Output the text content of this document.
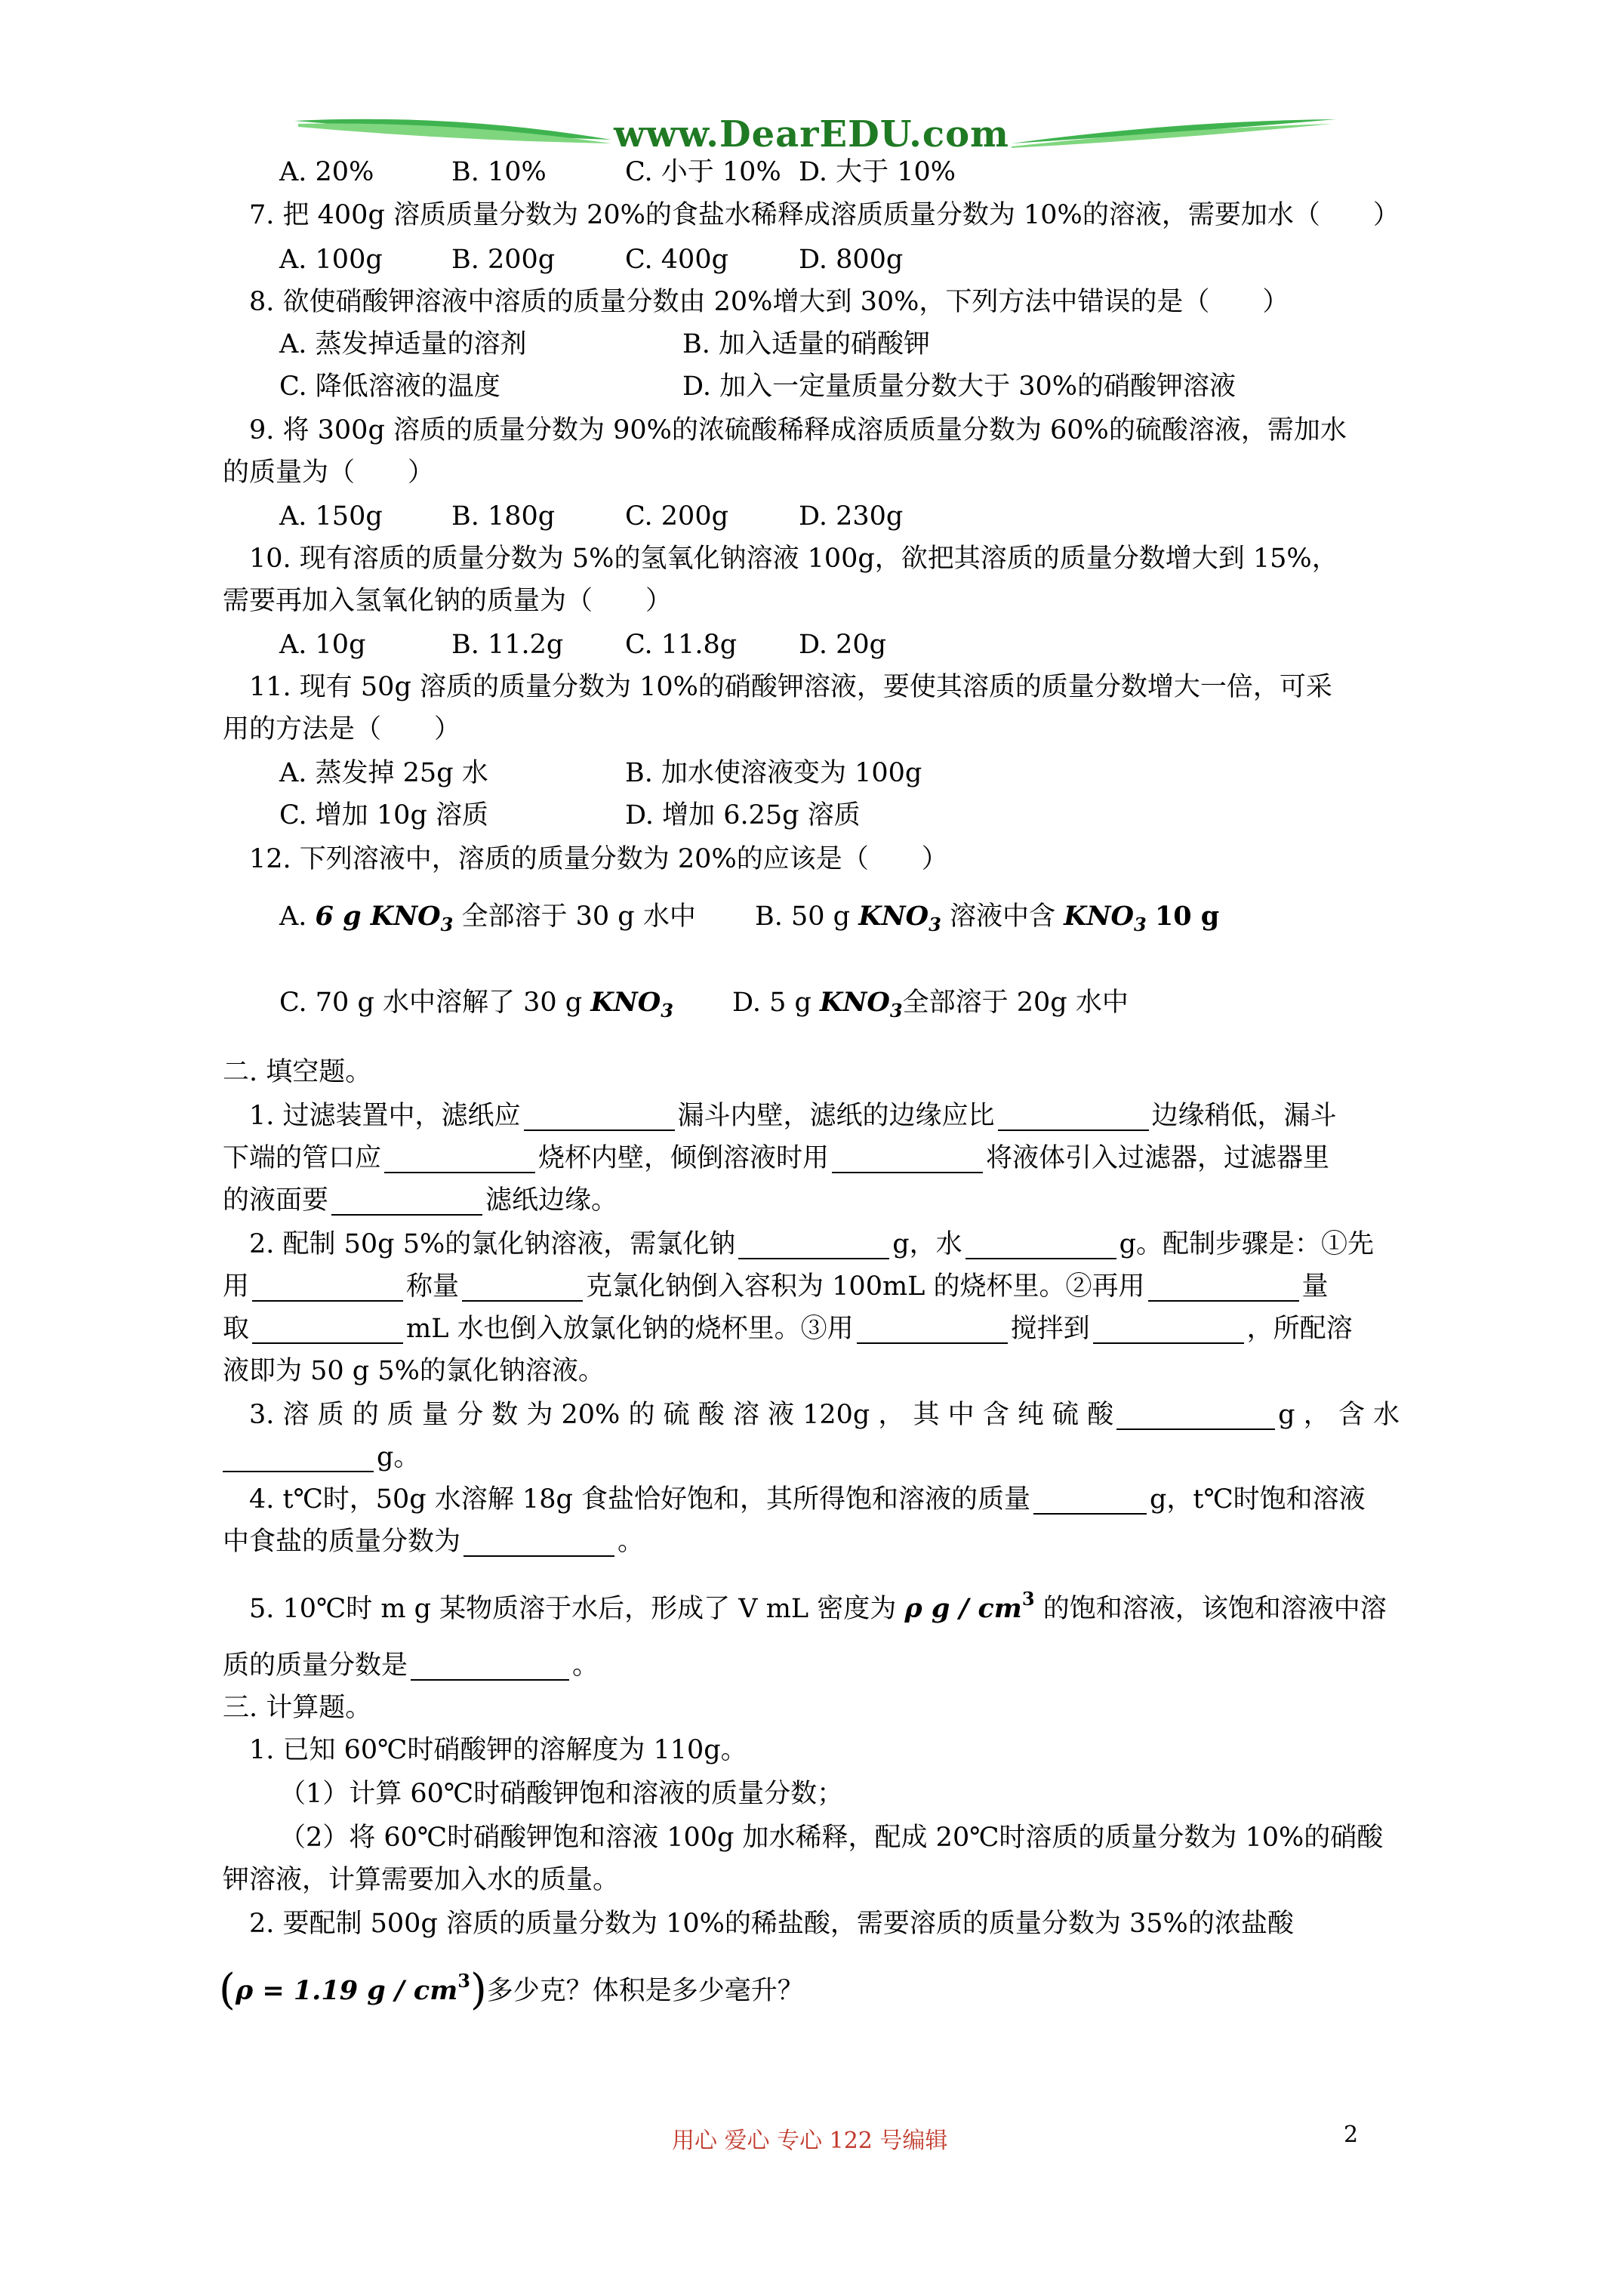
www.DearEDU.com
A. 20%	B. 10%	C. 小于 10% D. 大于 10%
7. 把 400g 溶质质量分数为 20%的食盐水稀释成溶质质量分数为 10%的溶液，需要加水（　　）
A. 100g	B. 200g	C. 400g	D. 800g
8. 欲使硝酸钾溶液中溶质的质量分数由 20%增大到 30%，下列方法中错误的是（　　）
A. 蒸发掉适量的溶剂	B. 加入适量的硝酸钾
C. 降低溶液的温度	D. 加入一定量质量分数大于 30%的硝酸钾溶液
9. 将 300g 溶质的质量分数为 90%的浓硫酸稀释成溶质质量分数为 60%的硫酸溶液，需加水
的质量为（　　）
A. 150g	B. 180g	C. 200g	D. 230g
10. 现有溶质的质量分数为 5%的氢氧化钠溶液 100g，欲把其溶质的质量分数增大到 15%，
需要再加入氢氧化钠的质量为（　　）
A. 10g	B. 11.2g C. 11.8g D. 20g
11. 现有 50g 溶质的质量分数为 10%的硝酸钾溶液，要使其溶质的质量分数增大一倍，可采
用的方法是（　　）
A. 蒸发掉 25g 水	B. 加水使溶液变为 100g
C. 增加 10g 溶质	D. 增加 6.25g 溶质
12. 下列溶液中，溶质的质量分数为 20%的应该是（　　）
A. 6 g $KNO_3$ 全部溶于 30 g 水中 B. 50 g $KNO_3$ 溶液中含 $KNO_3$ 10 g
C. 70 g 水中溶解了 30 g $KNO_3$ D. 5 g $KNO_3$全部溶于 20g 水中
二. 填空题。
1. 过滤装置中，滤纸应	漏斗内壁，滤纸的边缘应比	边缘稍低，漏斗
下端的管口应	烧杯内壁，倾倒溶液时用	将液体引入过滤器，过滤器里
的液面要	滤纸边缘。
2. 配制 50g 5%的氯化钠溶液，需氯化钠	g，水	g。配制步骤是：①先
用	称量	克氯化钠倒入容积为 100mL 的烧杯里。②再用	量
取	mL 水也倒入放氯化钠的烧杯里。③用	搅拌到	，所配溶
液即为 50 g 5%的氯化钠溶液。
3. 溶 质 的 质 量 分 数 为 20% 的 硫 酸 溶 液 120g ， 其 中 含 纯 硫 酸	g ， 含 水
g。
4. t℃时，50g 水溶解 18g 食盐恰好饱和，其所得饱和溶液的质量	g，t℃时饱和溶液
中食盐的质量分数为	。
5. 10℃时 m g 某物质溶于水后，形成了 V mL 密度为 ρ g / $cm^3$ 的饱和溶液，该饱和溶液中溶
质的质量分数是	。
三. 计算题。
1. 已知 60℃时硝酸钾的溶解度为 110g。
（1）计算 60℃时硝酸钾饱和溶液的质量分数；
（2）将 60℃时硝酸钾饱和溶液 100g 加水稀释，配成 20℃时溶质的质量分数为 10%的硝酸
钾溶液，计算需要加入水的质量。
2. 要配制 500g 溶质的质量分数为 10%的稀盐酸，需要溶质的质量分数为 35%的浓盐酸
(ρ = 1.19 g / $cm^3$)多少克？体积是多少毫升？
用心 爱心 专心 122 号编辑	2
